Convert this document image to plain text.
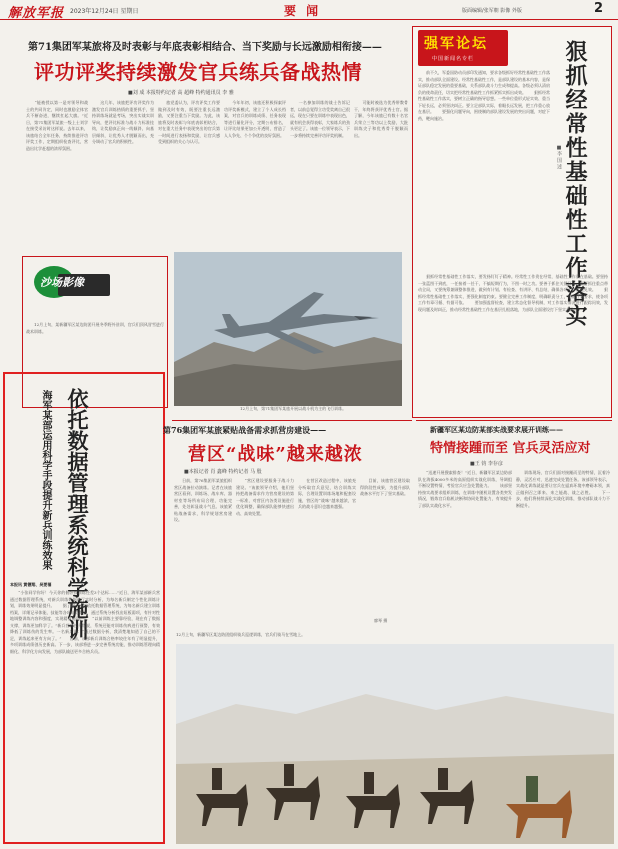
解放军报 2023年12月24日 星期日	要 闻	版面编辑/张军朝 影像 外版	2
第71集团军某旅将及时表彰与年底表彰相结合、当下奖励与长远激励相衔接——
评功评奖持续激发官兵练兵备战热情
■刘 成 本报特约记者 高 超峰 特约通讯员 李 雅
　　“能被授以第一是对领导和战士的共同肯定，同时也激励全体官兵不断奋进，继续扛起大旗。”近日，第71集团军某旅一级上士刘学在接受采访时这样说。去年以来，该旅结合全年任务，持续推进评功评奖工作，定期组织检查评比，营造出比学赶超的浓厚氛围。
　　这几年，该旅把评功评奖作为激发官兵训练热情的重要抓手，坚持训练场就是考场，突出实战实训导向，把评比标准与战斗力标准挂钩，让奖励真正向一线倾斜、向基层倾斜，让优秀人才脱颖而出，充分调动了官兵的积极性。
　　旅党委认为，评功评奖工作要做到及时有效，既要注重长远激励，又要注重当下奖励。为此，该旅将及时表彰与年底表彰相结合，对在重大任务中表现突出的官兵第一时间进行表扬和奖励，让官兵感受到组织的关心与认可。
　　今年年初，该旅还积极探索评功评奖新模式，建立了个人成长档案，对官兵的训练成绩、任务表现等进行量化评分，定期公布排名，让评比结果更加公开透明，营造了人人争先、个个争优的良好氛围。
　　一名参加训练的战士告诉记者，以前总觉得立功受奖离自己很远，现在只要在训练中表现出色，就有机会获得表彰，大家练兵的劲头更足了。该旅一位领导表示，下一步将持续完善评功评奖机制。
　　可能时被选为优秀带教骨干，年终将获评优秀士官。据了解，今年该旅已有数十名官兵荣立三等功以上奖励，大批训练尖子和优秀骨干脱颖而出。
强军论坛
中国新闻名专栏	狠抓经常性基础性工作落实
■李 国 述
　　前不久，军委国防动员部印发通知，要求各级抓好经常性基础性工作落实，推动部队全面建设。经常性基础性工作，是部队建设的基本内容，是保证部队稳定发展的重要基础，关系部队战斗力生成和提高。各级必须认清肩负的使命责任，切实把经常性基础性工作抓紧抓实抓出成效。　　狠抓经常性基础性工作落实，要树立正确的指导思想。一些单位重形式轻实效、重当下轻长远，必须坚决纠正。要立足部队实际，着眼长远发展，把工作重心放在基层。　　要强化问题导向，围绕制约部队建设发展的突出问题，对症下药，靶向施治。
　　狠抓经常性基础性工作落实，要发扬钉钉子精神。经常性工作贵在经常，基础性工作重在基础。要坚持一张蓝图干到底，一任接着一任干，不搞短期行为，不图一时之功。要善于抓住关键环节，既要抓住重点带动全局，又要统筹兼顾整体推进，做到有计划、有检查、有讲评、有总结，确保各项工作落地见效。　　狠抓经常性基础性工作落实，要强化制度约束。要健全完善工作制度，明确职责分工，细化任务要求，使各项工作有章可循、有据可依。　　要加强监督检查，建立常态化督导机制，对工作落实情况进行跟踪问效，发现问题及时纠正，推动经常性基础性工作在基层扎根落地，为部队全面建设打下坚实基础。
沙场影像
　　12月上旬，某新疆军区某边防团开展冬季野外驻训，官兵们顶风冒雪进行战术训练。
依托数据管理系统科学施训
海军某部运用科学手段提升新兵训练效果
本报讯 黄德翔、吴要福
　　“小张同学你好！今天你的俯卧撑训练还差3个达标……”近日，海军某部新兵营通过数据管理系统，对新兵训练数据进行实时分析，为每名新兵制定个性化训练计划，训练效果明显提升。　　据了解，该部依托数据管理系统，为每名新兵建立训练档案，详细记录体能、技能等各项训练数据，通过系统分析找出短板弱项，有针对性地调整训练内容和强度，实现精准施训。　　“以前训练主要靠经验，现在有了数据支撑，训练更加科学了。”新兵营营长介绍说，系统还能对训练伤病进行预警，有效降低了训练伤的发生率。一名新兵说：“通过数据分析，我清楚地知道了自己的不足，训练起来更有方向了。”　　目前，该部新兵训练合格率较往年有了明显提升，多项训练成绩创历史新高。下一步，该部将进一步完善系统功能，推动训练管理向精细化、科学化方向发展，为部队输送更多合格兵员。
12月上旬，第71集团军某旅开展以战斗机为主的飞行训练。
第76集团军某旅紧贴战备需求抓营房建设——
营区“战味”越来越浓
■本报记者 肖 鑫峰 特约记者 马 殷
　　日前，第76集团军某旅组织营区战备拉动演练。记者在该旅营区看到，训练场、战车库、器材室等场所布局合理，功能完善，处处彰显战斗气息。该旅紧贴战备需求，科学规划营房建设。
　　“营区建设要服务于战斗力建设。”该旅领导介绍，他们坚持把战备需求作为营房建设的第一标准，对营区内各类设施进行优化调整，确保部队能够快速出动、高效处置。
　　在营区改造过程中，该旅充分听取官兵意见，结合训练实际，合理设置训练场地和配套设施，营区的“战味”越来越浓，官兵的战斗意识也越来越强。
　　目前，该旅营区建设取得阶段性成果，为提升部队战备水平打下了坚实基础。
廖琴 摄
新疆军区某边防某部实战要求展开训练——
特情接踵而至 官兵灵活应对
■王 钧 李存彦
　　“迅速开展搜索排查！”近日，新疆军区某边防部队在海拔4000多米的高原组织实战化训练，导调组不断设置特情，考验官兵应急处置能力。　　该部坚持按实战要求组织训练，在训练中随机设置各类突发情况，锻炼官兵临机决断和协同处置能力，有效提升了部队实战化水平。
　　训练现场，官兵们面对接踵而至的特情，沉着冷静，灵活应对，迅速完成处置任务。该部领导表示，实战化训练就是要让官兵在逼真环境中磨砺本领，真正做到召之即来、来之能战、战之必胜。　　下一步，他们将持续深化实战化训练，推动部队战斗力不断提升。
12月上旬，新疆军区某边防团组织骑兵巡逻训练，官兵们骑马在雪地上。
